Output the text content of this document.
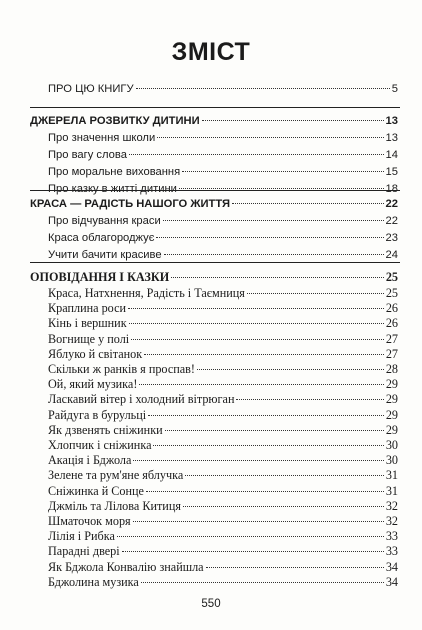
ЗМІСТ
ПРО ЦЮ КНИГУ	5
ДЖЕРЕЛА РОЗВИТКУ ДИТИНИ	13
Про значення школи	13
Про вагу слова	14
Про моральне виховання	15
Про казку в житті дитини	18
КРАСА — РАДІСТЬ НАШОГО ЖИТТЯ	22
Про відчування краси	22
Краса облагороджує	23
Учити бачити красиве	24
ОПОВІДАННЯ І КАЗКИ	25
Краса, Натхнення, Радість і Таємниця	25
Краплина роси	26
Кінь і вершник	26
Вогнище у полі	27
Яблуко й світанок	27
Скільки ж ранків я проспав!	28
Ой, який музика!	29
Ласкавий вітер і холодний вітрюган	29
Райдуга в бурульці	29
Як дзвенять сніжинки	29
Хлопчик і сніжинка	30
Акація і Бджола	30
Зелене та рум'яне яблучка	31
Сніжинка й Сонце	31
Джміль та Лілова Китиця	32
Шматочок моря	32
Лілія і Рибка	33
Парадні двері	33
Як Бджола Конвалію знайшла	34
Бджолина музика	34
550
